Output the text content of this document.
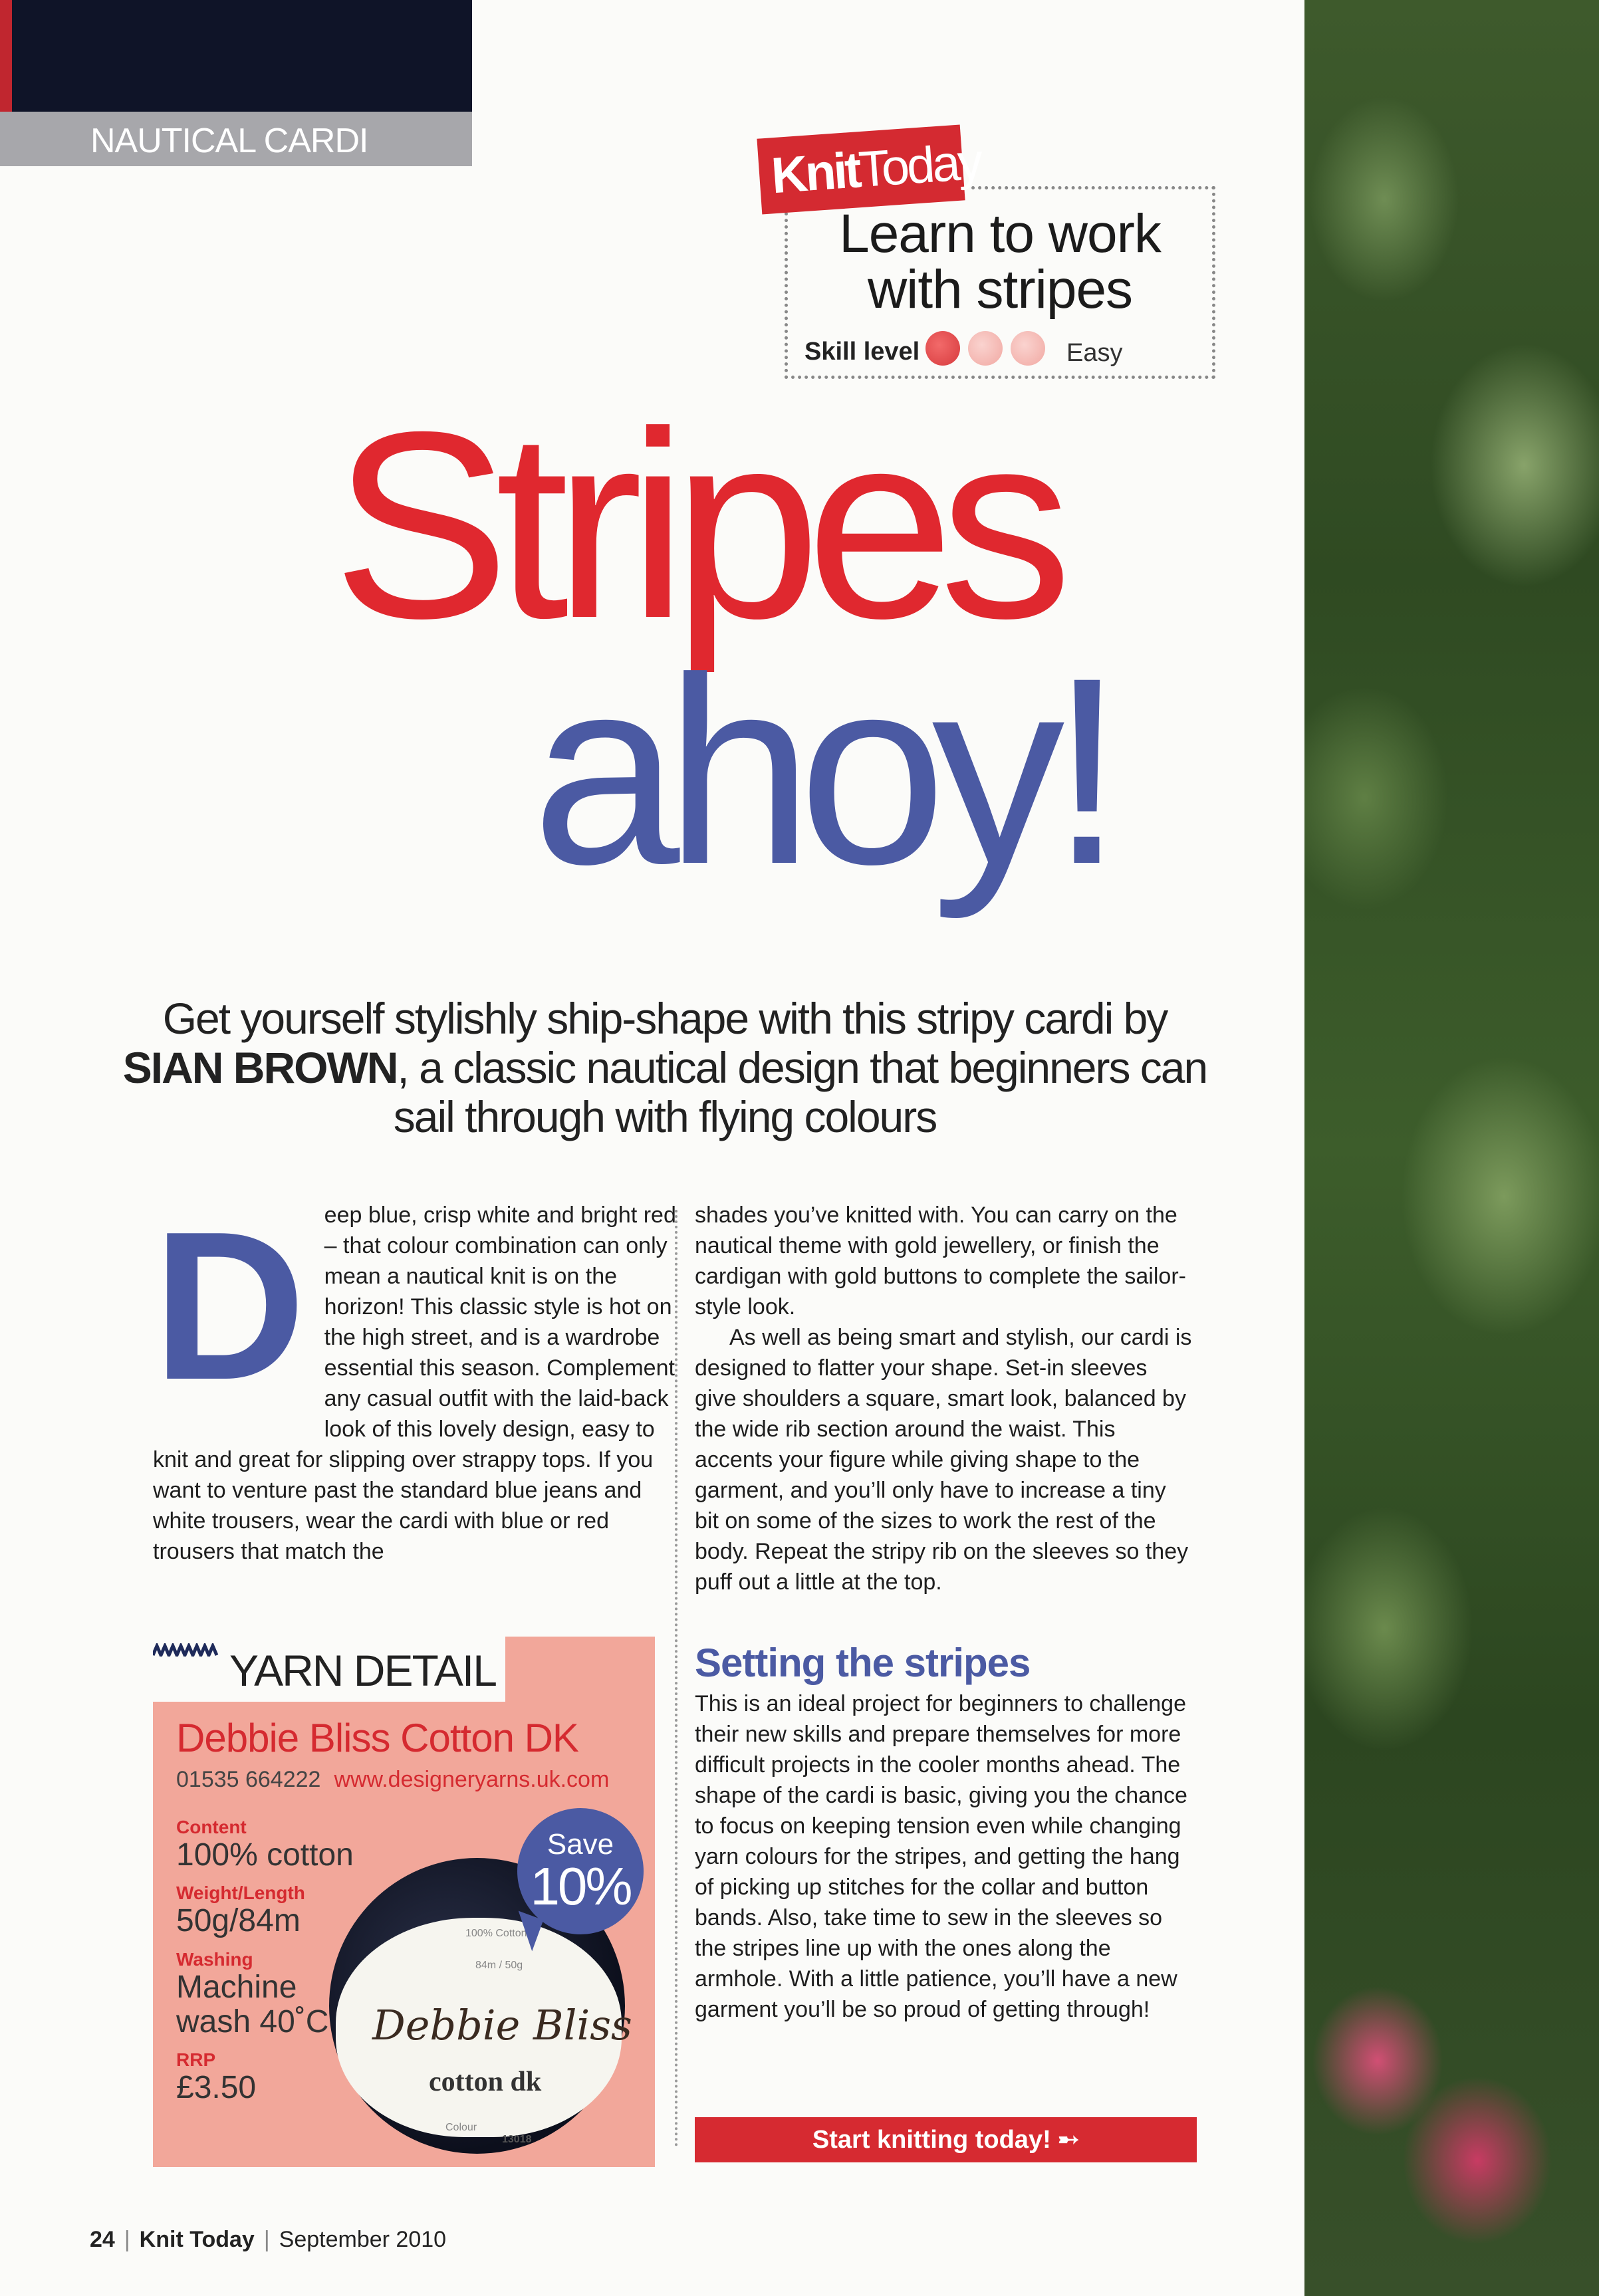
NAUTICAL CARDI
KnitToday
Learn to work
with stripes
Skill level	Easy
Stripes
ahoy!
Get yourself stylishly ship-shape with this stripy cardi by SIAN BROWN, a classic nautical design that beginners can sail through with flying colours
D eep blue, crisp white and bright red – that colour combination can only mean a nautical knit is on the horizon! This classic style is hot on the high street, and is a wardrobe essential this season. Complement any casual outfit with the laid-back look of this lovely design, easy to knit and great for slipping over strappy tops. If you want to venture past the standard blue jeans and white trousers, wear the cardi with blue or red trousers that match the

shades you’ve knitted with. You can carry on the nautical theme with gold jewellery, or finish the cardigan with gold buttons to complete the sailor-style look.

As well as being smart and stylish, our cardi is designed to flatter your shape. Set-in sleeves give shoulders a square, smart look, balanced by the wide rib section around the waist. This accents your figure while giving shape to the garment, and you’ll only have to increase a tiny bit on some of the sizes to work the rest of the body. Repeat the stripy rib on the sleeves so they puff out a little at the top.

Setting the stripes

This is an ideal project for beginners to challenge their new skills and prepare themselves for more difficult projects in the cooler months ahead. The shape of the cardi is basic, giving you the chance to focus on keeping tension even while changing yarn colours for the stripes, and getting the hang of picking up stitches for the collar and button bands. Also, take time to sew in the sleeves so the stripes line up with the ones along the armhole. With a little patience, you’ll have a new garment you’ll be so proud of getting through!

Start knitting today! ➸
YARN DETAIL
Debbie Bliss Cotton DK
01535 664222 www.designeryarns.uk.com
Content
100% cotton
Weight/Length
50g/84m
Washing
Machine wash 40˚C
RRP
£3.50
100% Cotton
84m / 50g
Debbie Bliss
cotton dk
Colour
13018
Save
10%
24 | Knit Today | September 2010
